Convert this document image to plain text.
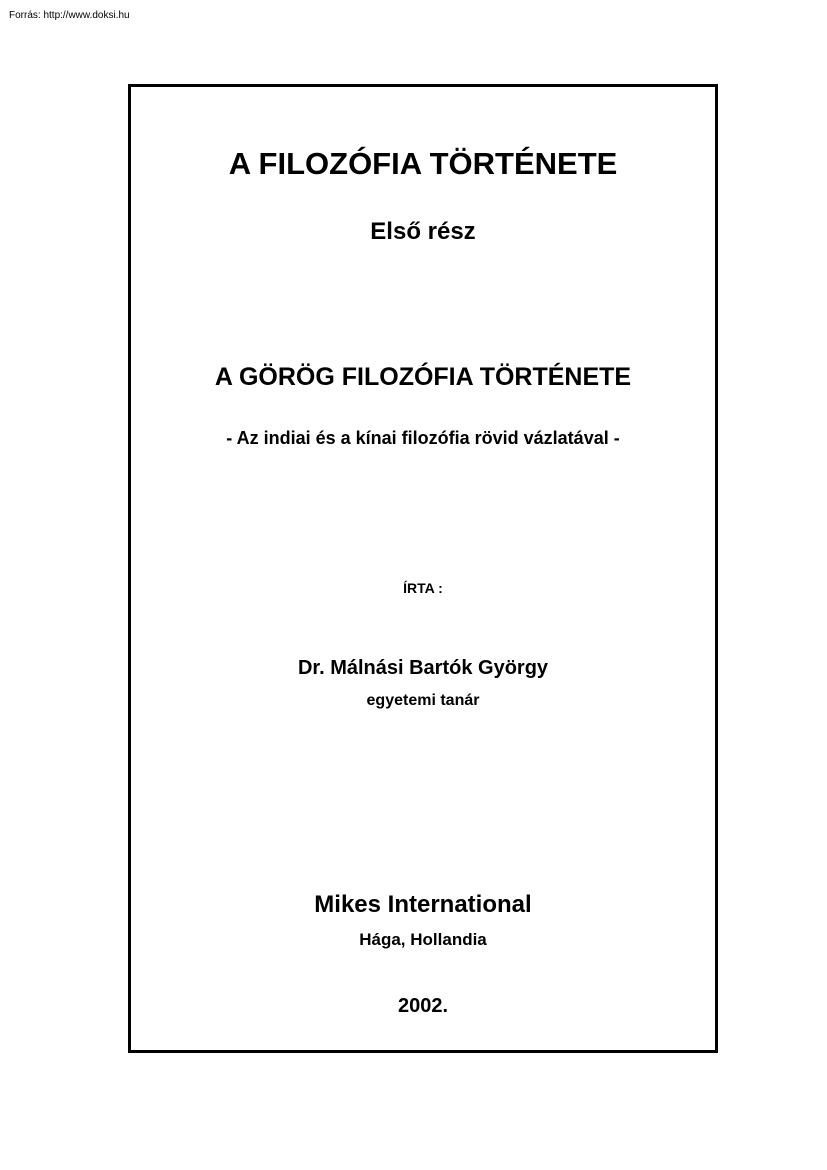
Forrás: http://www.doksi.hu
A FILOZÓFIA TÖRTÉNETE
Első rész
A GÖRÖG FILOZÓFIA TÖRTÉNETE
- Az indiai és a kínai filozófia rövid vázlatával -
ÍRTA :
Dr. Málnási Bartók György
egyetemi tanár
Mikes International
Hága, Hollandia
2002.
